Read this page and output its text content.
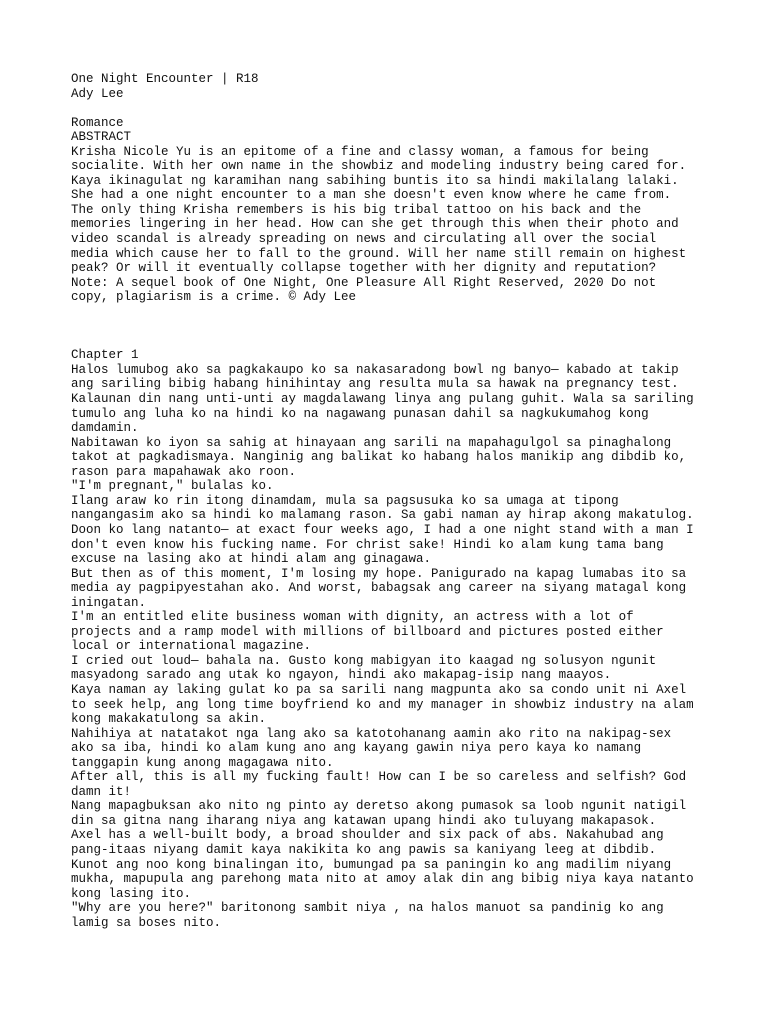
One Night Encounter | R18
Ady Lee
Romance
ABSTRACT
Krisha Nicole Yu is an epitome of a fine and classy woman, a famous for being
socialite. With her own name in the showbiz and modeling industry being cared for.
Kaya ikinagulat ng karamihan nang sabihing buntis ito sa hindi makilalang lalaki.
She had a one night encounter to a man she doesn't even know where he came from.
The only thing Krisha remembers is his big tribal tattoo on his back and the
memories lingering in her head. How can she get through this when their photo and
video scandal is already spreading on news and circulating all over the social
media which cause her to fall to the ground. Will her name still remain on highest
peak? Or will it eventually collapse together with her dignity and reputation?
Note: A sequel book of One Night, One Pleasure All Right Reserved, 2020 Do not
copy, plagiarism is a crime. © Ady Lee
Chapter 1
Halos lumubog ako sa pagkakaupo ko sa nakasaradong bowl ng banyo— kabado at takip
ang sariling bibig habang hinihintay ang resulta mula sa hawak na pregnancy test.
Kalaunan din nang unti-unti ay magdalawang linya ang pulang guhit. Wala sa sariling
tumulo ang luha ko na hindi ko na nagawang punasan dahil sa nagkukumahog kong
damdamin.
Nabitawan ko iyon sa sahig at hinayaan ang sarili na mapahagulgol sa pinaghalong
takot at pagkadismaya. Nanginig ang balikat ko habang halos manikip ang dibdib ko,
rason para mapahawak ako roon.
"I'm pregnant," bulalas ko.
Ilang araw ko rin itong dinamdam, mula sa pagsusuka ko sa umaga at tipong
nangangasim ako sa hindi ko malamang rason. Sa gabi naman ay hirap akong makatulog.
Doon ko lang natanto— at exact four weeks ago, I had a one night stand with a man I
don't even know his fucking name. For christ sake! Hindi ko alam kung tama bang
excuse na lasing ako at hindi alam ang ginagawa.
But then as of this moment, I'm losing my hope. Panigurado na kapag lumabas ito sa
media ay pagpipyestahan ako. And worst, babagsak ang career na siyang matagal kong
iningatan.
I'm an entitled elite business woman with dignity, an actress with a lot of
projects and a ramp model with millions of billboard and pictures posted either
local or international magazine.
I cried out loud— bahala na. Gusto kong mabigyan ito kaagad ng solusyon ngunit
masyadong sarado ang utak ko ngayon, hindi ako makapag-isip nang maayos.
Kaya naman ay laking gulat ko pa sa sarili nang magpunta ako sa condo unit ni Axel
to seek help, ang long time boyfriend ko and my manager in showbiz industry na alam
kong makakatulong sa akin.
Nahihiya at natatakot nga lang ako sa katotohanang aamin ako rito na nakipag-sex
ako sa iba, hindi ko alam kung ano ang kayang gawin niya pero kaya ko namang
tanggapin kung anong magagawa nito.
After all, this is all my fucking fault! How can I be so careless and selfish? God
damn it!
Nang mapagbuksan ako nito ng pinto ay deretso akong pumasok sa loob ngunit natigil
din sa gitna nang iharang niya ang katawan upang hindi ako tuluyang makapasok.
Axel has a well-built body, a broad shoulder and six pack of abs. Nakahubad ang
pang-itaas niyang damit kaya nakikita ko ang pawis sa kaniyang leeg at dibdib.
Kunot ang noo kong binalingan ito, bumungad pa sa paningin ko ang madilim niyang
mukha, mapupula ang parehong mata nito at amoy alak din ang bibig niya kaya natanto
kong lasing ito.
"Why are you here?" baritonong sambit niya , na halos manuot sa pandinig ko ang
lamig sa boses nito.
